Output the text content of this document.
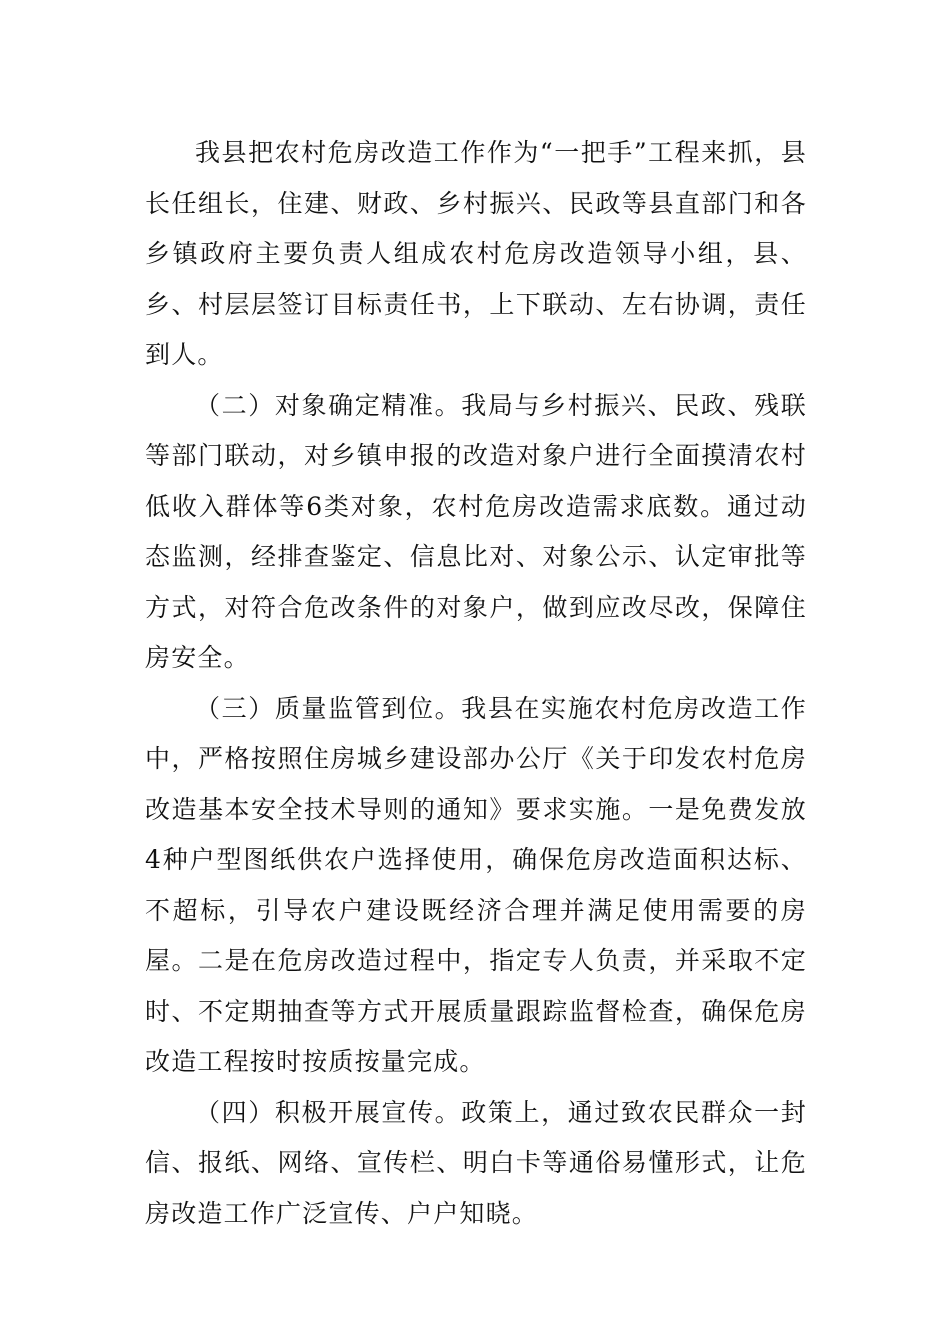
我县把农村危房改造工作作为“一把手”工程来抓，县长任组长，住建、财政、乡村振兴、民政等县直部门和各乡镇政府主要负责人组成农村危房改造领导小组，县、乡、村层层签订目标责任书，上下联动、左右协调，责任到人。

（二）对象确定精准。我局与乡村振兴、民政、残联等部门联动，对乡镇申报的改造对象户进行全面摸清农村低收入群体等6类对象，农村危房改造需求底数。通过动态监测，经排查鉴定、信息比对、对象公示、认定审批等方式，对符合危改条件的对象户，做到应改尽改，保障住房安全。

（三）质量监管到位。我县在实施农村危房改造工作中，严格按照住房城乡建设部办公厅《关于印发农村危房改造基本安全技术导则的通知》要求实施。一是免费发放4种户型图纸供农户选择使用，确保危房改造面积达标、不超标，引导农户建设既经济合理并满足使用需要的房屋。二是在危房改造过程中，指定专人负责，并采取不定时、不定期抽查等方式开展质量跟踪监督检查，确保危房改造工程按时按质按量完成。

（四）积极开展宣传。政策上，通过致农民群众一封信、报纸、网络、宣传栏、明白卡等通俗易懂形式，让危房改造工作广泛宣传、户户知晓。
